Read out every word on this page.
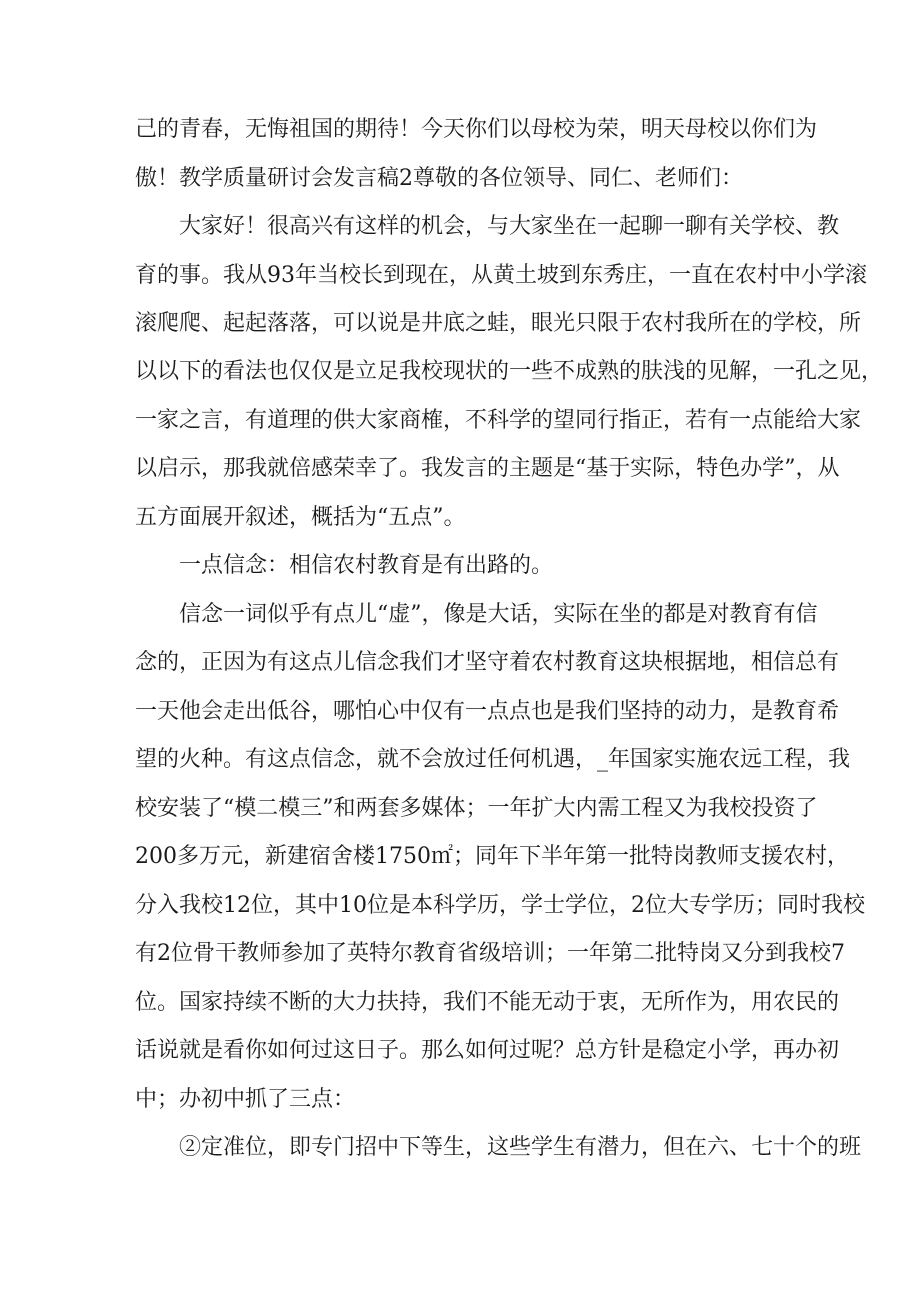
己的青春，无悔祖国的期待！今天你们以母校为荣，明天母校以你们为

傲！教学质量研讨会发言稿2尊敬的各位领导、同仁、老师们：

大家好！很高兴有这样的机会，与大家坐在一起聊一聊有关学校、教

育的事。我从93年当校长到现在，从黄土坡到东秀庄，一直在农村中小学滚

滚爬爬、起起落落，可以说是井底之蛙，眼光只限于农村我所在的学校，所

以以下的看法也仅仅是立足我校现状的一些不成熟的肤浅的见解，一孔之见，

一家之言，有道理的供大家商榷，不科学的望同行指正，若有一点能给大家

以启示，那我就倍感荣幸了。我发言的主题是“基于实际，特色办学”，从

五方面展开叙述，概括为“五点”。

一点信念：相信农村教育是有出路的。

信念一词似乎有点儿“虚”，像是大话，实际在坐的都是对教育有信

念的，正因为有这点儿信念我们才坚守着农村教育这块根据地，相信总有

一天他会走出低谷，哪怕心中仅有一点点也是我们坚持的动力，是教育希

望的火种。有这点信念，就不会放过任何机遇，_年国家实施农远工程，我

校安装了“模二模三”和两套多媒体；一年扩大内需工程又为我校投资了

200多万元，新建宿舍楼1750㎡；同年下半年第一批特岗教师支援农村，

分入我校12位，其中10位是本科学历，学士学位，2位大专学历；同时我校

有2位骨干教师参加了英特尔教育省级培训；一年第二批特岗又分到我校7

位。国家持续不断的大力扶持，我们不能无动于衷，无所作为，用农民的

话说就是看你如何过这日子。那么如何过呢？总方针是稳定小学，再办初

中；办初中抓了三点：

②定准位，即专门招中下等生，这些学生有潜力，但在六、七十个的班
